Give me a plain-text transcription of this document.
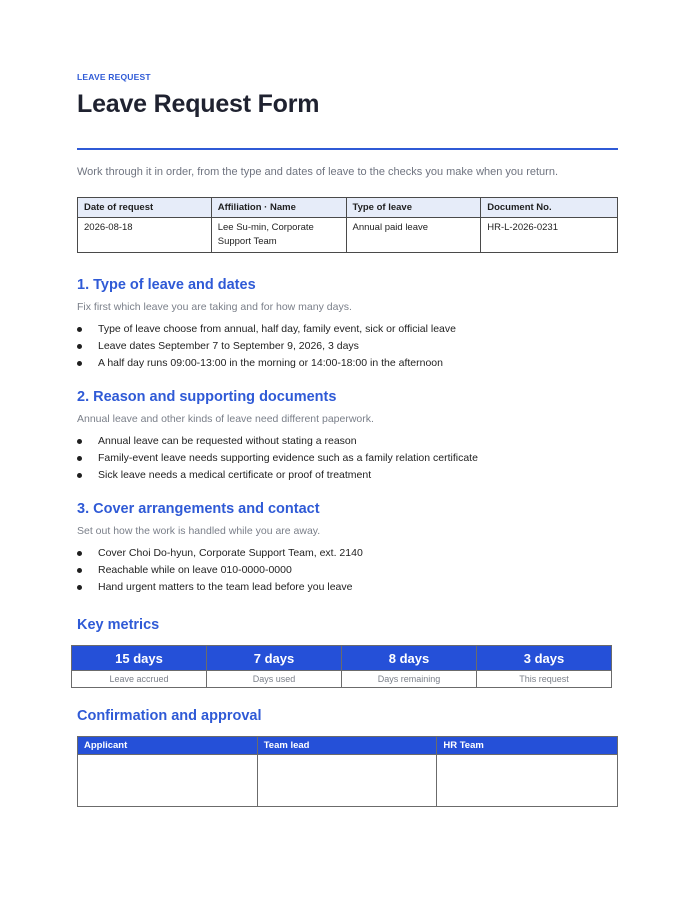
LEAVE REQUEST
Leave Request Form
Work through it in order, from the type and dates of leave to the checks you make when you return.
Date of request	Affiliation · Name	Type of leave	Document No.
2026-08-18	Lee Su-min, Corporate Support Team	Annual paid leave	HR-L-2026-0231
1. Type of leave and dates
Fix first which leave you are taking and for how many days.
Type of leave choose from annual, half day, family event, sick or official leave
Leave dates September 7 to September 9, 2026, 3 days
A half day runs 09:00-13:00 in the morning or 14:00-18:00 in the afternoon
2. Reason and supporting documents
Annual leave and other kinds of leave need different paperwork.
Annual leave can be requested without stating a reason
Family-event leave needs supporting evidence such as a family relation certificate
Sick leave needs a medical certificate or proof of treatment
3. Cover arrangements and contact
Set out how the work is handled while you are away.
Cover Choi Do-hyun, Corporate Support Team, ext. 2140
Reachable while on leave 010-0000-0000
Hand urgent matters to the team lead before you leave
Key metrics
15 days	7 days	8 days	3 days
Leave accrued	Days used	Days remaining	This request
Confirmation and approval
Applicant	Team lead	HR Team
